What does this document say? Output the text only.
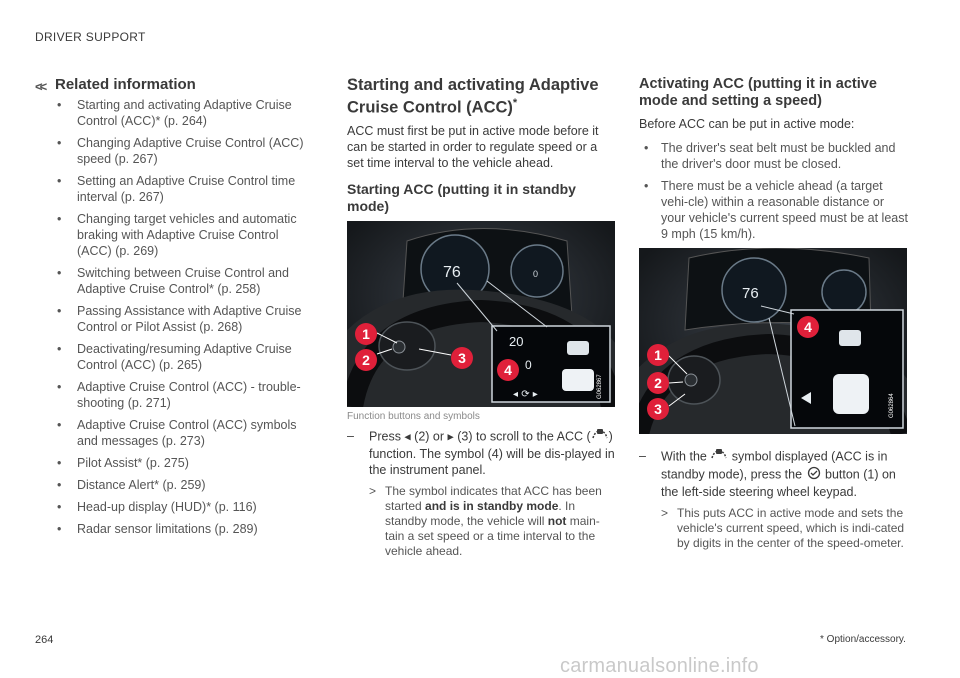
DRIVER SUPPORT
<< Related information
• Starting and activating Adaptive Cruise Control (ACC)* (p. 264)
• Changing Adaptive Cruise Control (ACC) speed (p. 267)
• Setting an Adaptive Cruise Control time interval (p. 267)
• Changing target vehicles and automatic braking with Adaptive Cruise Control (ACC) (p. 269)
• Switching between Cruise Control and Adaptive Cruise Control* (p. 258)
• Passing Assistance with Adaptive Cruise Control or Pilot Assist (p. 268)
• Deactivating/resuming Adaptive Cruise Control (ACC) (p. 265)
• Adaptive Cruise Control (ACC) - trouble-shooting (p. 271)
• Adaptive Cruise Control (ACC) symbols and messages (p. 273)
• Pilot Assist* (p. 275)
• Distance Alert* (p. 259)
• Head-up display (HUD)* (p. 116)
• Radar sensor limitations (p. 289)
Starting and activating Adaptive Cruise Control (ACC)*

ACC must first be put in active mode before it can be started in order to regulate speed or a set time interval to the vehicle ahead.

Starting ACC (putting it in standby mode)
76	0
20
0
◂ ⟳ ▸	G062867
1
2	3
4
Function buttons and symbols
– Press ◂ (2) or ▸ (3) to scroll to the ACC ( ) function. The symbol (4) will be dis-played in the instrument panel.
> The symbol indicates that ACC has been started and is in standby mode. In standby mode, the vehicle will not main-tain a set speed or a time interval to the vehicle ahead.
Activating ACC (putting it in active mode and setting a speed)

Before ACC can be put in active mode:

• The driver's seat belt must be buckled and the driver's door must be closed.
• There must be a vehicle ahead (a target vehi-cle) within a reasonable distance or your vehicle's current speed must be at least 9 mph (15 km/h).
76
G062864
1
2
3
4
– With the  symbol displayed (ACC is in standby mode), press the  button (1) on the left-side steering wheel keypad.
> This puts ACC in active mode and sets the vehicle's current speed, which is indi-cated by digits in the center of the speed-ometer.
264	* Option/accessory.
carmanualsonline.info
